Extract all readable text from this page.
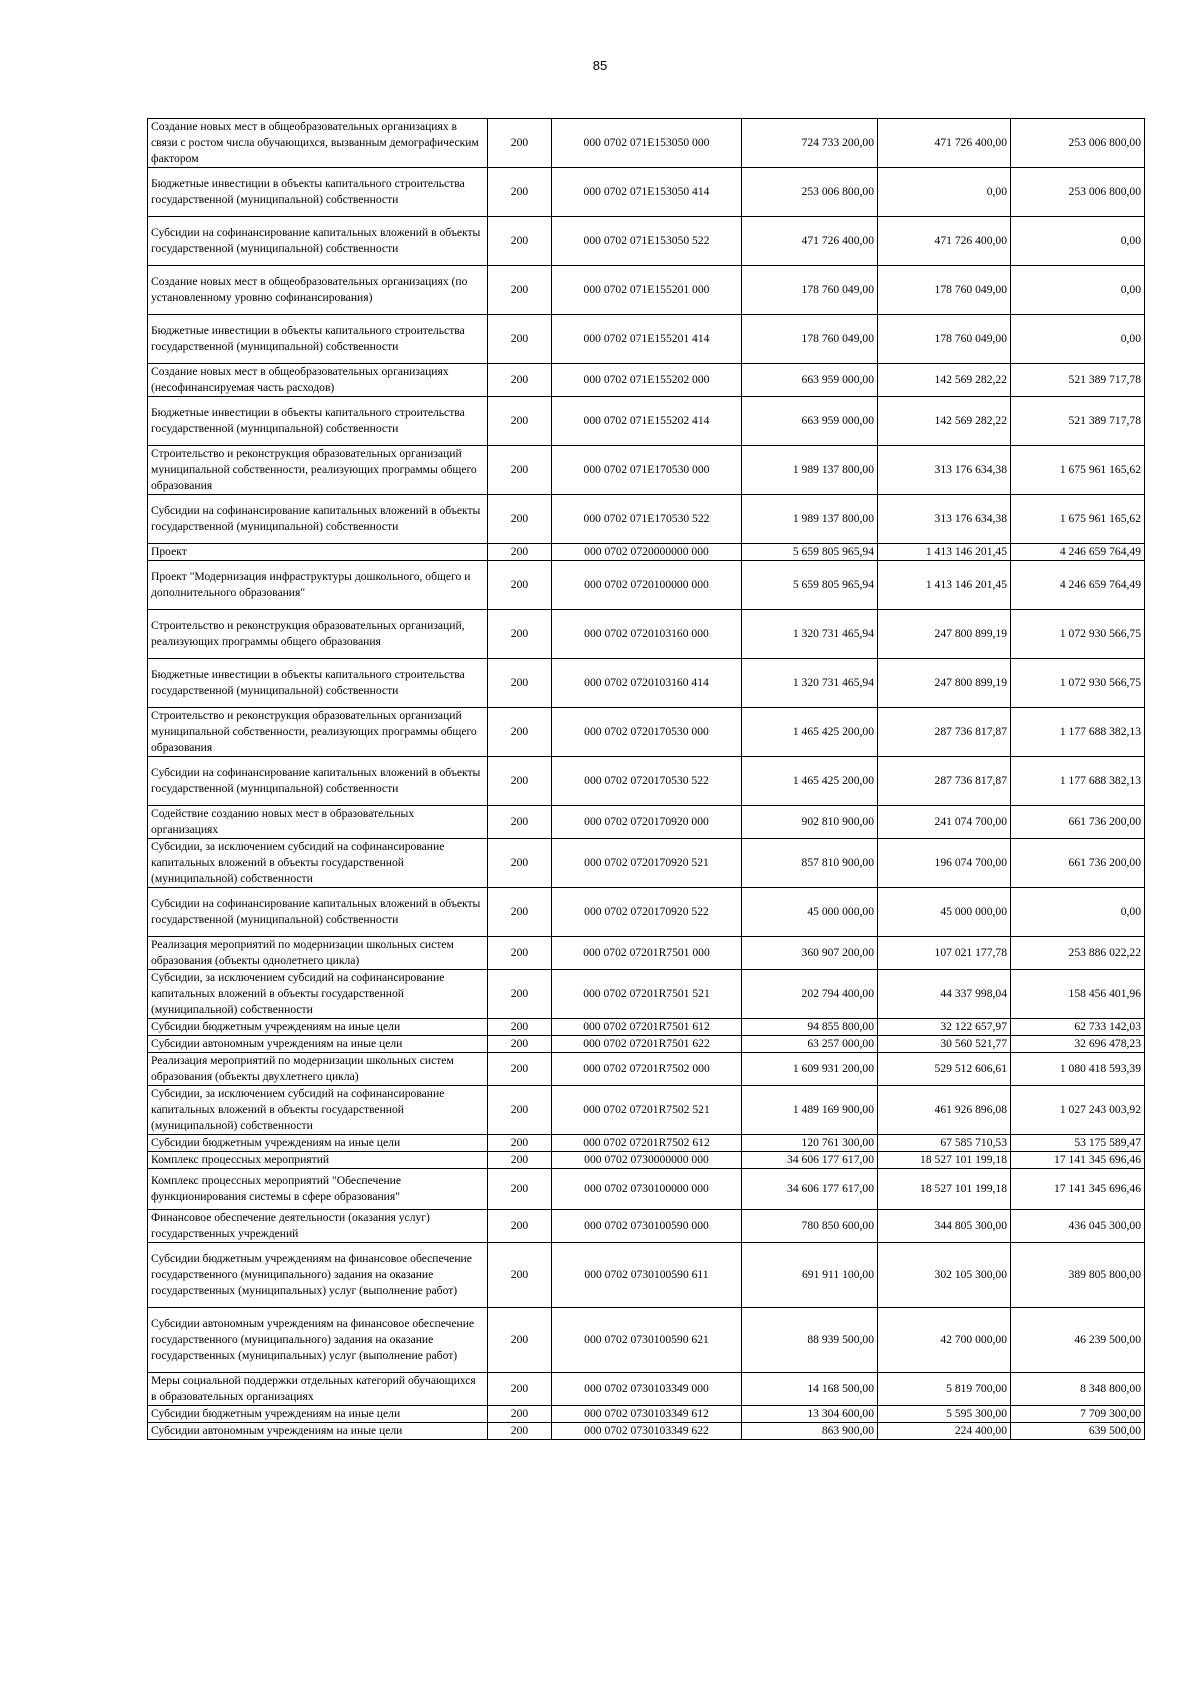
85
Создание новых мест в общеобразовательных организациях в связи с ростом числа обучающихся, вызванным демографическим фактором	200	000 0702 071E153050 000	724 733 200,00	471 726 400,00	253 006 800,00
Бюджетные инвестиции в объекты капитального строительства государственной (муниципальной) собственности	200	000 0702 071E153050 414	253 006 800,00	0,00	253 006 800,00
Субсидии на софинансирование капитальных вложений в объекты государственной (муниципальной) собственности	200	000 0702 071E153050 522	471 726 400,00	471 726 400,00	0,00
Создание новых мест в общеобразовательных организациях (по установленному уровню софинансирования)	200	000 0702 071E155201 000	178 760 049,00	178 760 049,00	0,00
Бюджетные инвестиции в объекты капитального строительства государственной (муниципальной) собственности	200	000 0702 071E155201 414	178 760 049,00	178 760 049,00	0,00
Создание новых мест в общеобразовательных организациях (несофинансируемая часть расходов)	200	000 0702 071E155202 000	663 959 000,00	142 569 282,22	521 389 717,78
Бюджетные инвестиции в объекты капитального строительства государственной (муниципальной) собственности	200	000 0702 071E155202 414	663 959 000,00	142 569 282,22	521 389 717,78
Строительство и реконструкция образовательных организаций муниципальной собственности, реализующих программы общего образования	200	000 0702 071E170530 000	1 989 137 800,00	313 176 634,38	1 675 961 165,62
Субсидии на софинансирование капитальных вложений в объекты государственной (муниципальной) собственности	200	000 0702 071E170530 522	1 989 137 800,00	313 176 634,38	1 675 961 165,62
Проект	200	000 0702 0720000000 000	5 659 805 965,94	1 413 146 201,45	4 246 659 764,49
Проект "Модернизация инфраструктуры дошкольного, общего и дополнительного образования"	200	000 0702 0720100000 000	5 659 805 965,94	1 413 146 201,45	4 246 659 764,49
Строительство и реконструкция образовательных организаций, реализующих программы общего образования	200	000 0702 0720103160 000	1 320 731 465,94	247 800 899,19	1 072 930 566,75
Бюджетные инвестиции в объекты капитального строительства государственной (муниципальной) собственности	200	000 0702 0720103160 414	1 320 731 465,94	247 800 899,19	1 072 930 566,75
Строительство и реконструкция образовательных организаций муниципальной собственности, реализующих программы общего образования	200	000 0702 0720170530 000	1 465 425 200,00	287 736 817,87	1 177 688 382,13
Субсидии на софинансирование капитальных вложений в объекты государственной (муниципальной) собственности	200	000 0702 0720170530 522	1 465 425 200,00	287 736 817,87	1 177 688 382,13
Содействие созданию новых мест в образовательных организациях	200	000 0702 0720170920 000	902 810 900,00	241 074 700,00	661 736 200,00
Субсидии, за исключением субсидий на софинансирование капитальных вложений в объекты государственной (муниципальной) собственности	200	000 0702 0720170920 521	857 810 900,00	196 074 700,00	661 736 200,00
Субсидии на софинансирование капитальных вложений в объекты государственной (муниципальной) собственности	200	000 0702 0720170920 522	45 000 000,00	45 000 000,00	0,00
Реализация мероприятий по модернизации школьных систем образования (объекты однолетнего цикла)	200	000 0702 07201R7501 000	360 907 200,00	107 021 177,78	253 886 022,22
Субсидии, за исключением субсидий на софинансирование капитальных вложений в объекты государственной (муниципальной) собственности	200	000 0702 07201R7501 521	202 794 400,00	44 337 998,04	158 456 401,96
Субсидии бюджетным учреждениям на иные цели	200	000 0702 07201R7501 612	94 855 800,00	32 122 657,97	62 733 142,03
Субсидии автономным учреждениям на иные цели	200	000 0702 07201R7501 622	63 257 000,00	30 560 521,77	32 696 478,23
Реализация мероприятий по модернизации школьных систем образования (объекты двухлетнего цикла)	200	000 0702 07201R7502 000	1 609 931 200,00	529 512 606,61	1 080 418 593,39
Субсидии, за исключением субсидий на софинансирование капитальных вложений в объекты государственной (муниципальной) собственности	200	000 0702 07201R7502 521	1 489 169 900,00	461 926 896,08	1 027 243 003,92
Субсидии бюджетным учреждениям на иные цели	200	000 0702 07201R7502 612	120 761 300,00	67 585 710,53	53 175 589,47
Комплекс процессных мероприятий	200	000 0702 0730000000 000	34 606 177 617,00	18 527 101 199,18	17 141 345 696,46
Комплекс процессных мероприятий "Обеспечение функционирования системы в сфере образования"	200	000 0702 0730100000 000	34 606 177 617,00	18 527 101 199,18	17 141 345 696,46
Финансовое обеспечение деятельности (оказания услуг) государственных учреждений	200	000 0702 0730100590 000	780 850 600,00	344 805 300,00	436 045 300,00
Субсидии бюджетным учреждениям на финансовое обеспечение государственного (муниципального) задания на оказание государственных (муниципальных) услуг (выполнение работ)	200	000 0702 0730100590 611	691 911 100,00	302 105 300,00	389 805 800,00
Субсидии автономным учреждениям на финансовое обеспечение государственного (муниципального) задания на оказание государственных (муниципальных) услуг (выполнение работ)	200	000 0702 0730100590 621	88 939 500,00	42 700 000,00	46 239 500,00
Меры социальной поддержки отдельных категорий обучающихся в образовательных организациях	200	000 0702 0730103349 000	14 168 500,00	5 819 700,00	8 348 800,00
Субсидии бюджетным учреждениям на иные цели	200	000 0702 0730103349 612	13 304 600,00	5 595 300,00	7 709 300,00
Субсидии автономным учреждениям на иные цели	200	000 0702 0730103349 622	863 900,00	224 400,00	639 500,00
